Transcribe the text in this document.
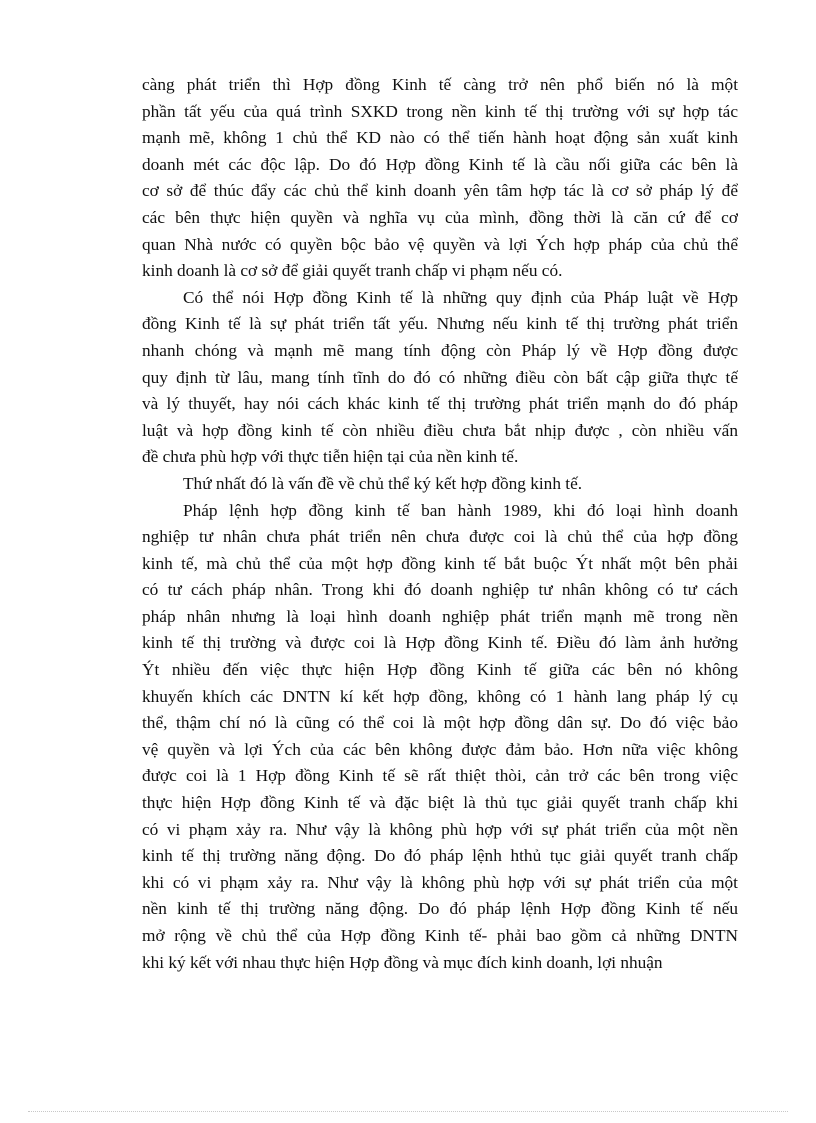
càng phát triển thì Hợp đồng Kinh tế càng trở nên phổ biến nó là một
phần tất yếu của quá trình SXKD trong nền kinh tế thị trường với sự hợp tác
mạnh mẽ, không 1 chủ thể KD nào có thể tiến hành hoạt động sản xuất kinh
doanh mét các độc lập. Do đó Hợp đồng Kinh tế là cầu nối giữa các bên là
cơ sở để thúc đẩy các chủ thể kinh doanh yên tâm hợp tác là cơ sở pháp lý để
các bên thực hiện quyền và nghĩa vụ của mình, đồng thời là căn cứ để cơ
quan Nhà nước có quyền bộc bảo vệ quyền và lợi Ých hợp pháp của chủ thể
kinh doanh là cơ sở để giải quyết tranh chấp vi phạm nếu có.
Có thể nói Hợp đồng Kinh tế là những quy định của Pháp luật về Hợp
đồng Kinh tế là sự phát triển tất yếu. Nhưng nếu kinh tế thị trường phát triển
nhanh chóng và mạnh mẽ mang tính động còn Pháp lý về Hợp đồng được
quy định từ lâu, mang tính tĩnh do đó có những điều còn bất cập giữa thực tế
và lý thuyết, hay nói cách khác kinh tế thị trường phát triển mạnh do đó pháp
luật và hợp đồng kinh tế còn nhiều điều chưa bắt nhịp được , còn nhiều vấn
đề chưa phù hợp với thực tiễn hiện tại của nền kinh tế.
Thứ nhất đó là vấn đề về chủ thể ký kết hợp đồng kinh tế.
Pháp lệnh hợp đồng kinh tế ban hành 1989, khi đó loại hình doanh
nghiệp tư nhân chưa phát triển nên chưa được coi là chủ thể của hợp đồng
kinh tế, mà chủ thể của một hợp đồng kinh tế bắt buộc Ýt nhất một bên phải
có tư cách pháp nhân. Trong khi đó doanh nghiệp tư nhân không có tư cách
pháp nhân nhưng là loại hình doanh nghiệp phát triển mạnh mẽ trong nền
kinh tế thị trường và được coi là Hợp đồng Kinh tế. Điều đó làm ảnh hưởng
Ýt nhiều đến việc thực hiện Hợp đồng Kinh tế giữa các bên nó không
khuyến khích các DNTN kí kết hợp đồng, không có 1 hành lang pháp lý cụ
thể, thậm chí nó là cũng có thể coi là một hợp đồng dân sự. Do đó việc bảo
vệ quyền và lợi Ých của các bên không được đảm bảo. Hơn nữa việc không
được coi là 1 Hợp đồng Kinh tế sẽ rất thiệt thòi, cản trở các bên trong việc
thực hiện Hợp đồng Kinh tế và đặc biệt là thủ tục giải quyết tranh chấp khi
có vi phạm xảy ra. Như vậy là không phù hợp với sự phát triển của một nền
kinh tế thị trường năng động. Do đó pháp lệnh hthủ tục giải quyết tranh chấp
khi có vi phạm xảy ra. Như vậy là không phù hợp với sự phát triển của một
nền kinh tế thị trường năng động. Do đó pháp lệnh Hợp đồng Kinh tế nếu
mở rộng về chủ thể của Hợp đồng Kinh tế- phải bao gồm cả những DNTN
khi ký kết với nhau thực hiện Hợp đồng và mục đích kinh doanh, lợi nhuận
